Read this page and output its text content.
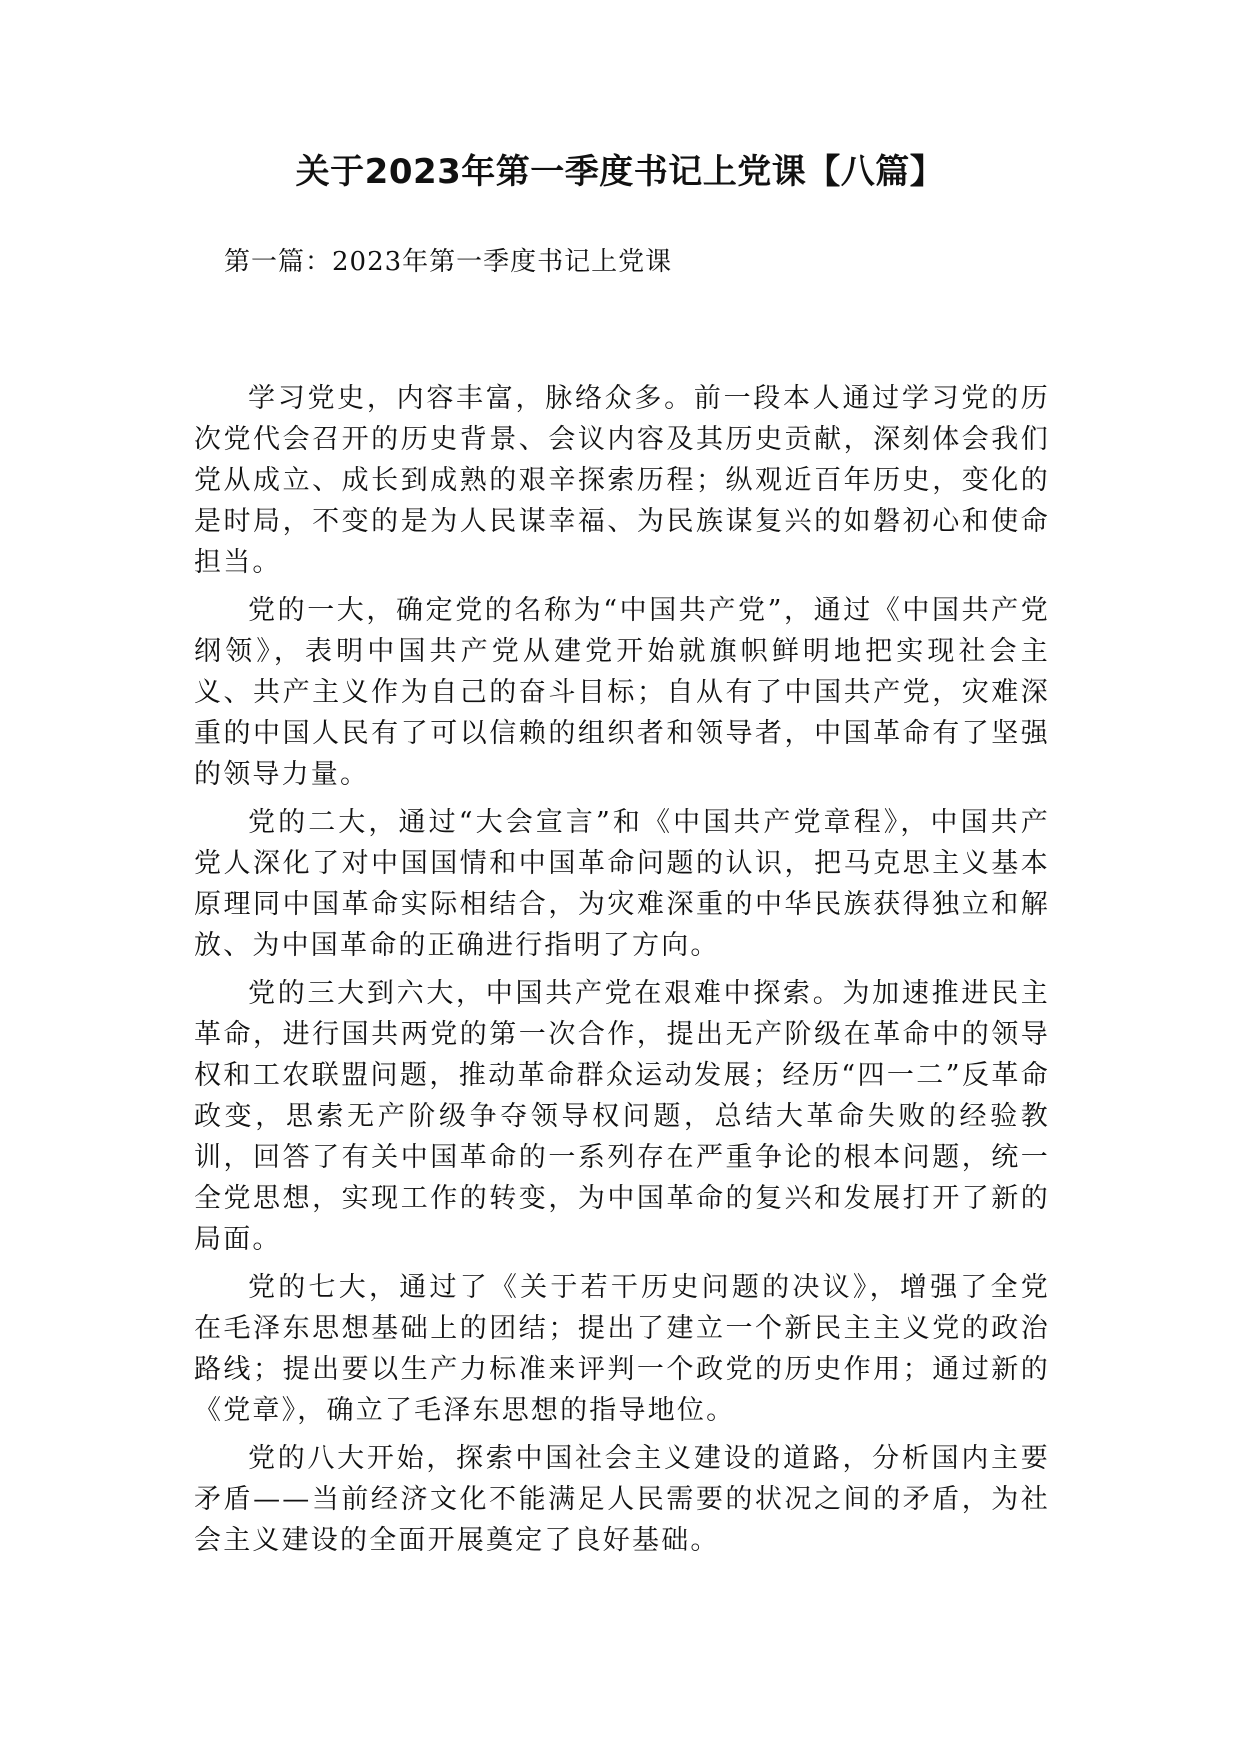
关于2023年第一季度书记上党课【八篇】
第一篇：2023年第一季度书记上党课

学习党史，内容丰富，脉络众多。前一段本人通过学习党的历次党代会召开的历史背景、会议内容及其历史贡献，深刻体会我们党从成立、成长到成熟的艰辛探索历程；纵观近百年历史，变化的是时局，不变的是为人民谋幸福、为民族谋复兴的如磐初心和使命担当。

党的一大，确定党的名称为“中国共产党”，通过《中国共产党纲领》，表明中国共产党从建党开始就旗帜鲜明地把实现社会主义、共产主义作为自己的奋斗目标；自从有了中国共产党，灾难深重的中国人民有了可以信赖的组织者和领导者，中国革命有了坚强的领导力量。

党的二大，通过“大会宣言”和《中国共产党章程》，中国共产党人深化了对中国国情和中国革命问题的认识，把马克思主义基本原理同中国革命实际相结合，为灾难深重的中华民族获得独立和解放、为中国革命的正确进行指明了方向。

党的三大到六大，中国共产党在艰难中探索。为加速推进民主革命，进行国共两党的第一次合作，提出无产阶级在革命中的领导权和工农联盟问题，推动革命群众运动发展；经历“四一二”反革命政变，思索无产阶级争夺领导权问题，总结大革命失败的经验教训，回答了有关中国革命的一系列存在严重争论的根本问题，统一全党思想，实现工作的转变，为中国革命的复兴和发展打开了新的局面。

党的七大，通过了《关于若干历史问题的决议》，增强了全党在毛泽东思想基础上的团结；提出了建立一个新民主主义党的政治路线；提出要以生产力标准来评判一个政党的历史作用；通过新的《党章》，确立了毛泽东思想的指导地位。

党的八大开始，探索中国社会主义建设的道路，分析国内主要矛盾——当前经济文化不能满足人民需要的状况之间的矛盾，为社会主义建设的全面开展奠定了良好基础。
